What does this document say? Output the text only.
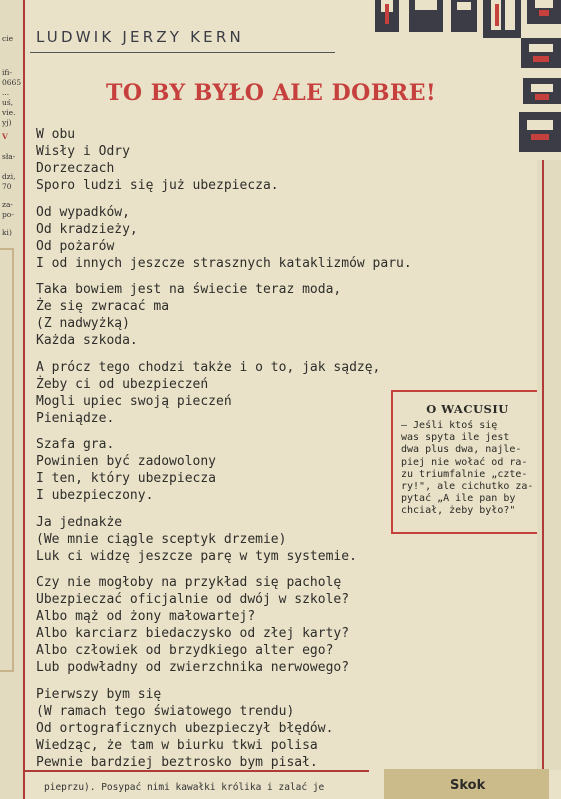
cie
ifi-
0665
...
uś,
vie.
yj)
V
sła-
dzi,
70
za-
po-
ki)
LUDWIK JERZY KERN
TO BY BYŁO ALE DOBRE!
W obu
Wisły i Odry
Dorzeczach
Sporo ludzi się już ubezpiecza.
Od wypadków,
Od kradzieży,
Od pożarów
I od innych jeszcze strasznych kataklizmów paru.
Taka bowiem jest na świecie teraz moda,
Że się zwracać ma
(Z nadwyżką)
Każda szkoda.
A prócz tego chodzi także i o to, jak sądzę,
Żeby ci od ubezpieczeń
Mogli upiec swoją pieczeń
Pieniądze.
Szafa gra.
Powinien być zadowolony
I ten, który ubezpiecza
I ubezpieczony.
Ja jednakże
(We mnie ciągle sceptyk drzemie)
Luk ci widzę jeszcze parę w tym systemie.
Czy nie mogłoby na przykład się pacholę
Ubezpieczać oficjalnie od dwój w szkole?
Albo mąż od żony małowartej?
Albo karciarz biedaczysko od złej karty?
Albo człowiek od brzydkiego alter ego?
Lub podwładny od zwierzchnika nerwowego?
Pierwszy bym się
(W ramach tego światowego trendu)
Od ortograficznych ubezpieczył błędów.
Wiedząc, że tam w biurku tkwi polisa
Pewnie bardziej beztrosko bym pisał.
O WACUSIU
— Jeśli ktoś się
was spyta ile jest
dwa plus dwa, najle-
piej nie wołać od ra-
zu triumfalnie „czte-
ry!", ale cichutko za-
pytać „A ile pan by
chciał, żeby było?"
pieprzu). Posypać nimi kawałki królika i zalać je	Skok
